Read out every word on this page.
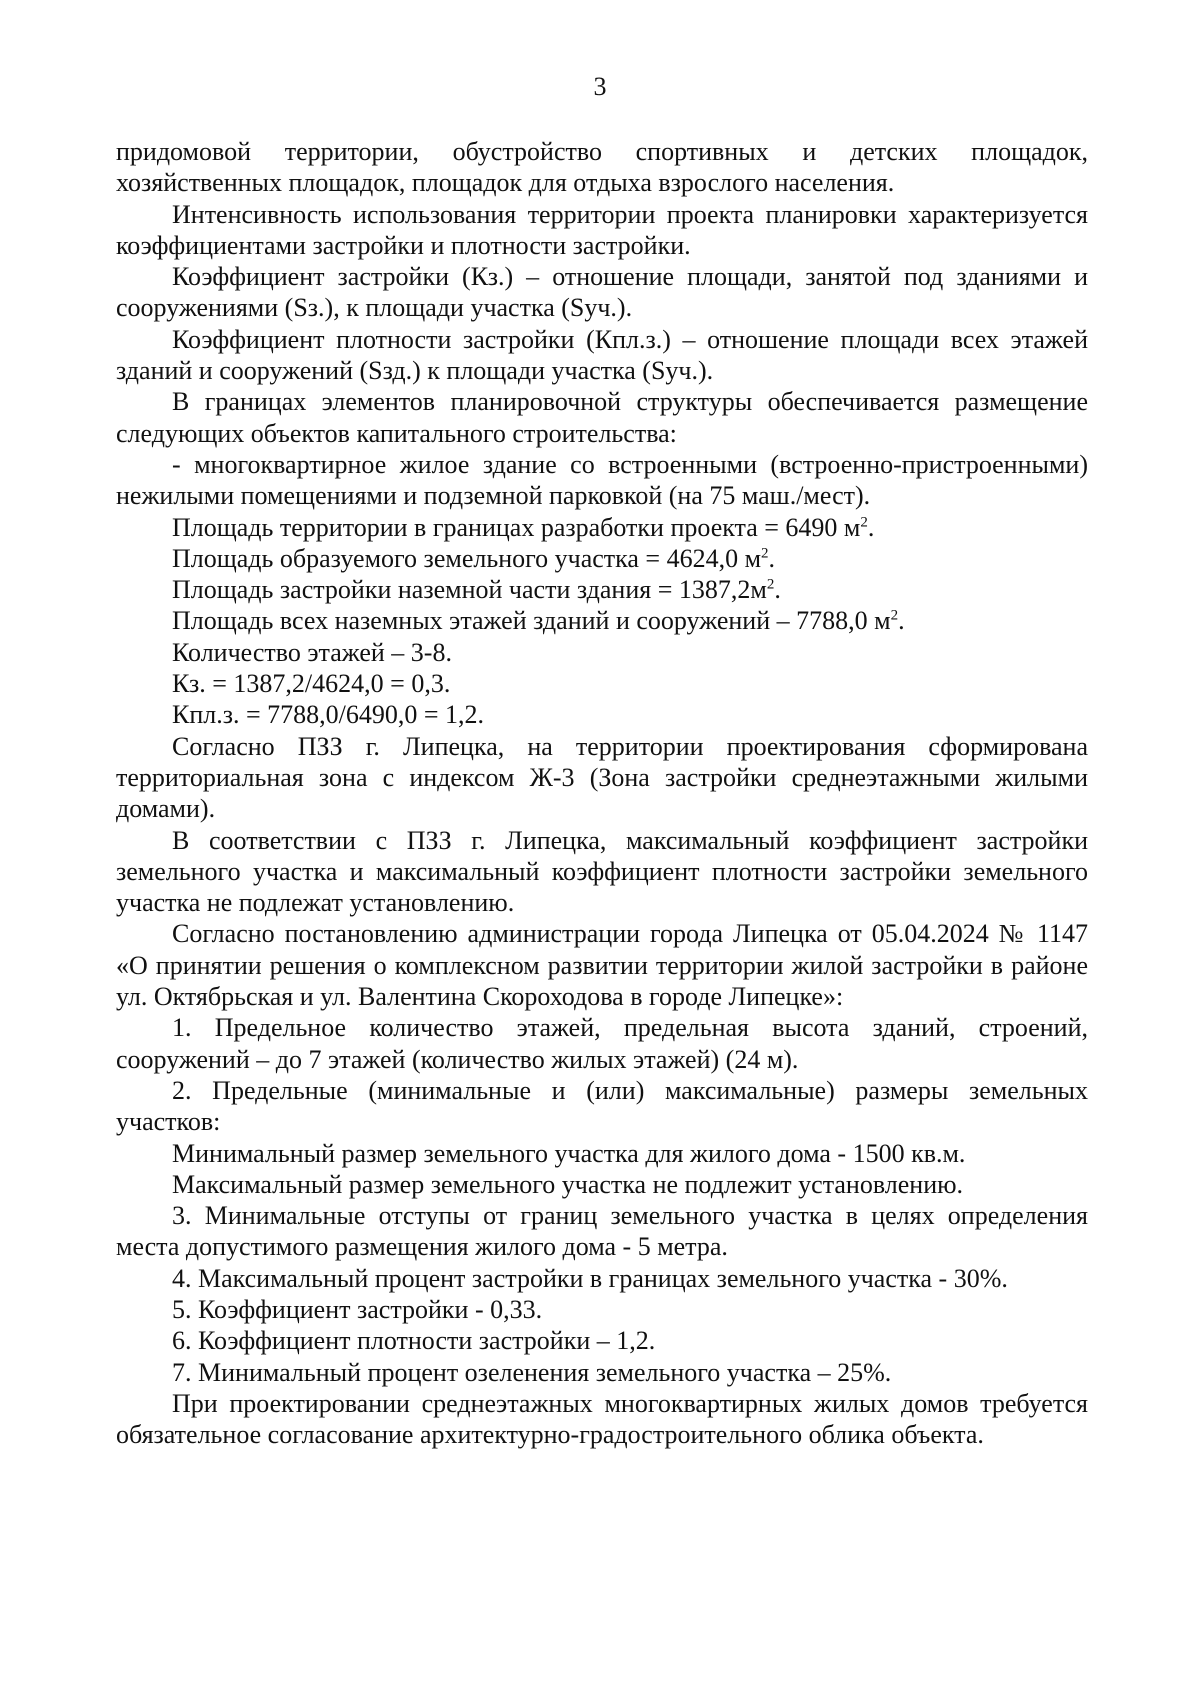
3

придомовой территории, обустройство спортивных и детских площадок, хозяйственных площадок, площадок для отдыха взрослого населения.

Интенсивность использования территории проекта планировки характеризуется коэффициентами застройки и плотности застройки.

Коэффициент застройки (Кз.) – отношение площади, занятой под зданиями и сооружениями (Sз.), к площади участка (Sуч.).

Коэффициент плотности застройки (Кпл.з.) – отношение площади всех этажей зданий и сооружений (Sзд.) к площади участка (Sуч.).

В границах элементов планировочной структуры обеспечивается размещение следующих объектов капитального строительства:

- многоквартирное жилое здание со встроенными (встроенно-пристроенными) нежилыми помещениями и подземной парковкой (на 75 маш./мест).

Площадь территории в границах разработки проекта = 6490 $м^2$.

Площадь образуемого земельного участка = 4624,0 $м^2$.

Площадь застройки наземной части здания = $1387,2м^2$.

Площадь всех наземных этажей зданий и сооружений – 7788,0 $м^2$.

Количество этажей – 3-8.

Кз. = 1387,2/4624,0 = 0,3.

Кпл.з. = 7788,0/6490,0 = 1,2.

Согласно ПЗЗ г. Липецка, на территории проектирования сформирована территориальная зона с индексом Ж-3 (Зона застройки среднеэтажными жилыми домами).

В соответствии с ПЗЗ г. Липецка, максимальный коэффициент застройки земельного участка и максимальный коэффициент плотности застройки земельного участка не подлежат установлению.

Согласно постановлению администрации города Липецка от 05.04.2024 № 1147 «О принятии решения о комплексном развитии территории жилой застройки в районе ул. Октябрьская и ул. Валентина Скороходова в городе Липецке»:

1. Предельное количество этажей, предельная высота зданий, строений, сооружений – до 7 этажей (количество жилых этажей) (24 м).

2. Предельные (минимальные и (или) максимальные) размеры земельных участков:

Минимальный размер земельного участка для жилого дома - 1500 кв.м.

Максимальный размер земельного участка не подлежит установлению.

3. Минимальные отступы от границ земельного участка в целях определения места допустимого размещения жилого дома - 5 метра.

4. Максимальный процент застройки в границах земельного участка - 30%.

5. Коэффициент застройки - 0,33.

6. Коэффициент плотности застройки – 1,2.

7. Минимальный процент озеленения земельного участка – 25%.

При проектировании среднеэтажных многоквартирных жилых домов требуется обязательное согласование архитектурно-градостроительного облика объекта.
